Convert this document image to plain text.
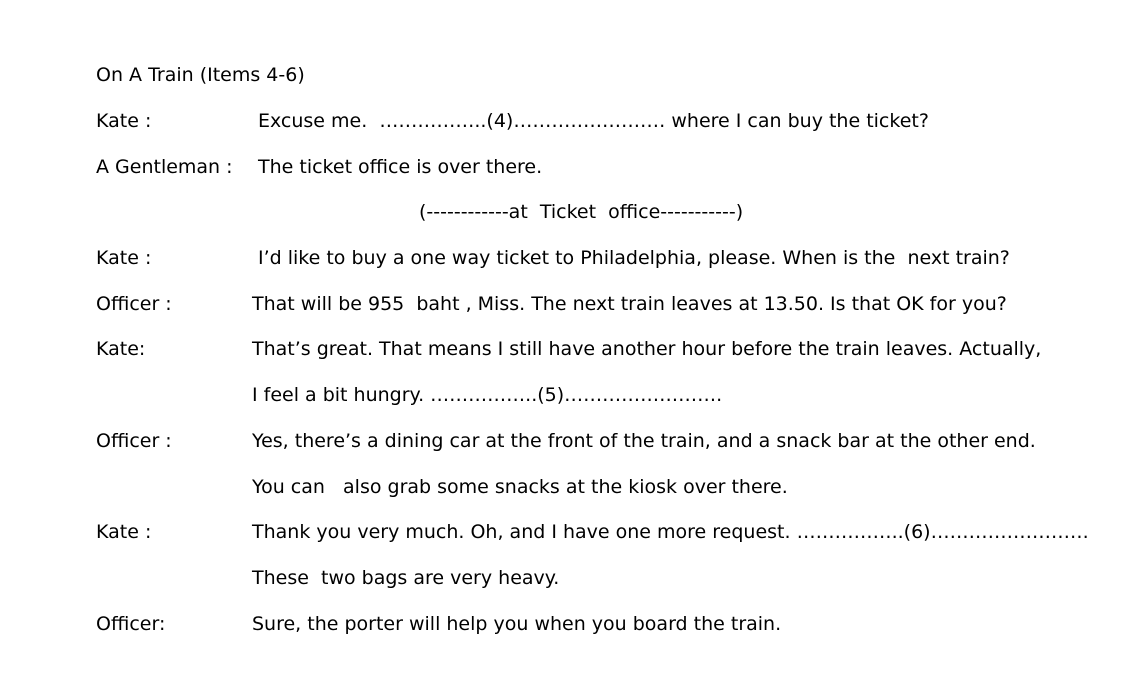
On A Train (Items 4-6)
Kate :	Excuse me.  ……………..(4)…………………… where I can buy the ticket?
A Gentleman : The ticket office is over there.
(------------at  Ticket  office-----------)
Kate :	I’d like to buy a one way ticket to Philadelphia, please. When is the  next train?
Officer :	That will be 955  baht , Miss. The next train leaves at 13.50. Is that OK for you?
Kate:	That’s great. That means I still have another hour before the train leaves. Actually,
I feel a bit hungry. ……………..(5)…………………….
Officer :	Yes, there’s a dining car at the front of the train, and a snack bar at the other end.
You can   also grab some snacks at the kiosk over there.
Kate :	Thank you very much. Oh, and I have one more request. ……………..(6)…………………….
These  two bags are very heavy.
Officer:	Sure, the porter will help you when you board the train.
